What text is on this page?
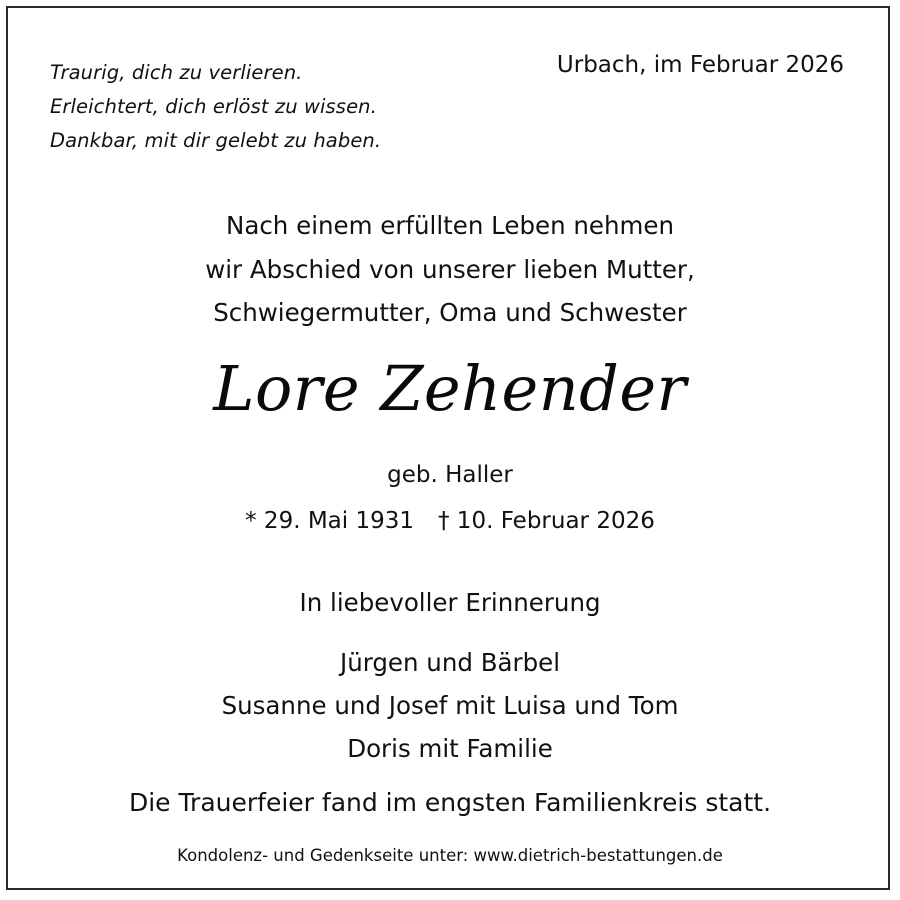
Traurig, dich zu verlieren.
Erleichtert, dich erlöst zu wissen.
Dankbar, mit dir gelebt zu haben.
Urbach, im Februar 2026
Nach einem erfüllten Leben nehmen
wir Abschied von unserer lieben Mutter,
Schwiegermutter, Oma und Schwester
Lore Zehender
geb. Haller
* 29. Mai 1931 † 10. Februar 2026
In liebevoller Erinnerung
Jürgen und Bärbel
Susanne und Josef mit Luisa und Tom
Doris mit Familie
Die Trauerfeier fand im engsten Familienkreis statt.
Kondolenz- und Gedenkseite unter: www.dietrich-bestattungen.de
